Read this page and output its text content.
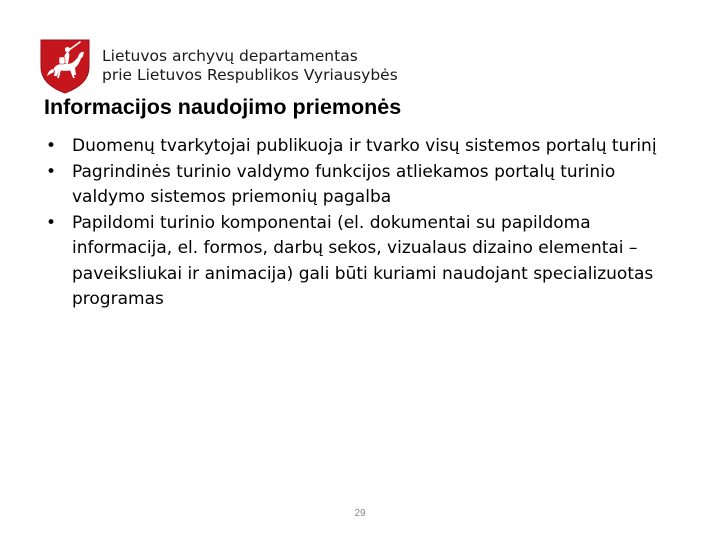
Lietuvos archyvų departamentas
prie Lietuvos Respublikos Vyriausybės
Informacijos naudojimo priemonės
• Duomenų tvarkytojai publikuoja ir tvarko visų sistemos portalų turinį
• Pagrindinės turinio valdymo funkcijos atliekamos portalų turinio valdymo sistemos priemonių pagalba
• Papildomi turinio komponentai (el. dokumentai su papildoma informacija, el. formos, darbų sekos, vizualaus dizaino elementai – paveiksliukai ir animacija) gali būti kuriami naudojant specializuotas programas
29
